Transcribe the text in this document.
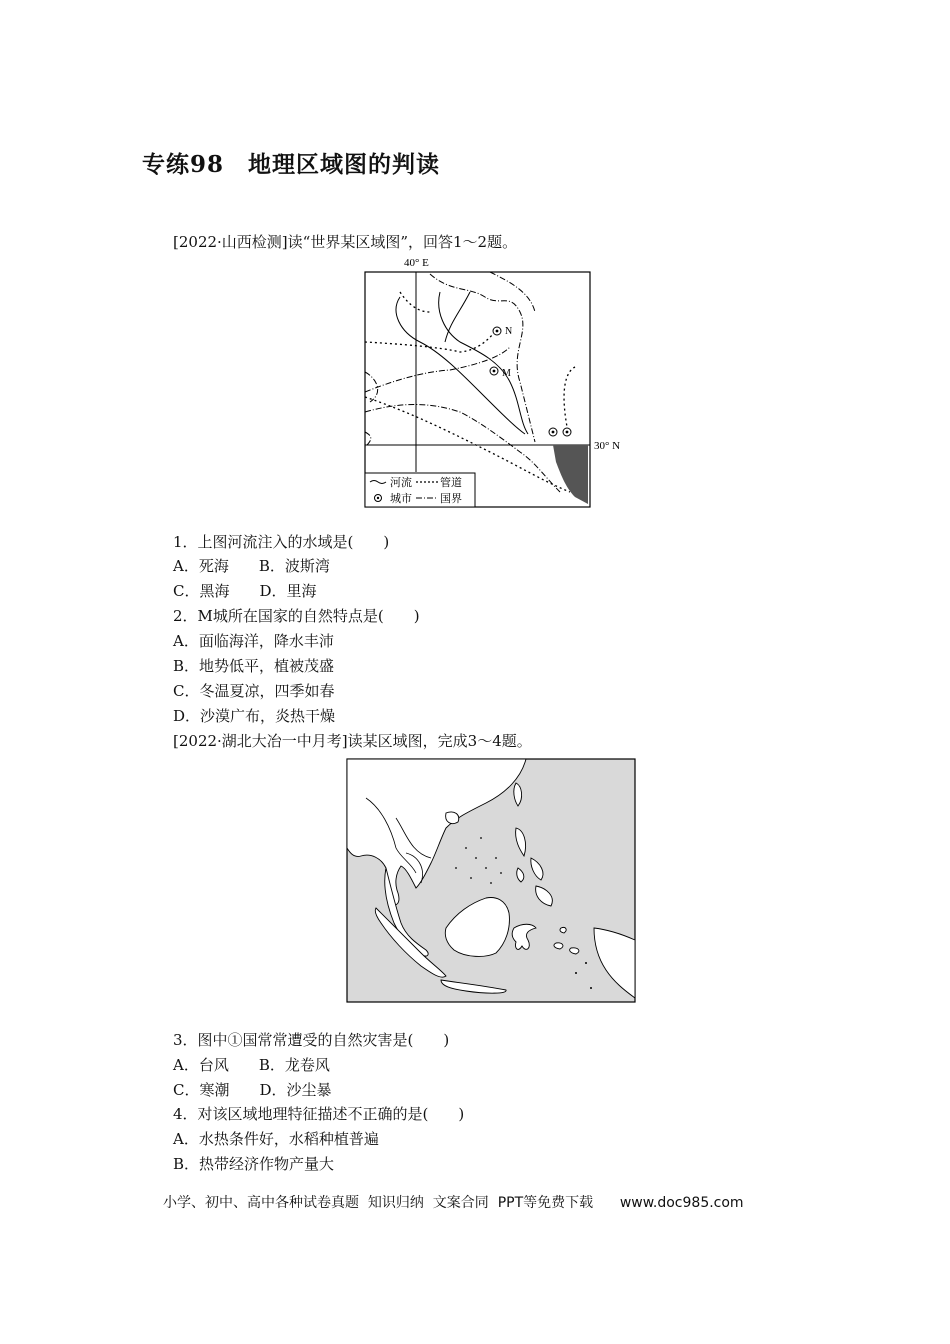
专练98　地理区域图的判读
[2022·山西检测]读“世界某区域图”，回答1～2题。
40° E
30° N
N
M
河流	管道
城市	国界
1．上图河流注入的水域是(　　)
A．死海　　B．波斯湾
C．黑海　　D．里海
2．M城所在国家的自然特点是(　　)
A．面临海洋，降水丰沛
B．地势低平，植被茂盛
C．冬温夏凉，四季如春
D．沙漠广布，炎热干燥
[2022·湖北大冶一中月考]读某区域图，完成3～4题。
3．图中①国常常遭受的自然灾害是(　　)
A．台风　　B．龙卷风
C．寒潮　　D．沙尘暴
4．对该区域地理特征描述不正确的是(　　)
A．水热条件好，水稻种植普遍
B．热带经济作物产量大
小学、初中、高中各种试卷真题  知识归纳  文案合同  PPT等免费下载      www.doc985.com
